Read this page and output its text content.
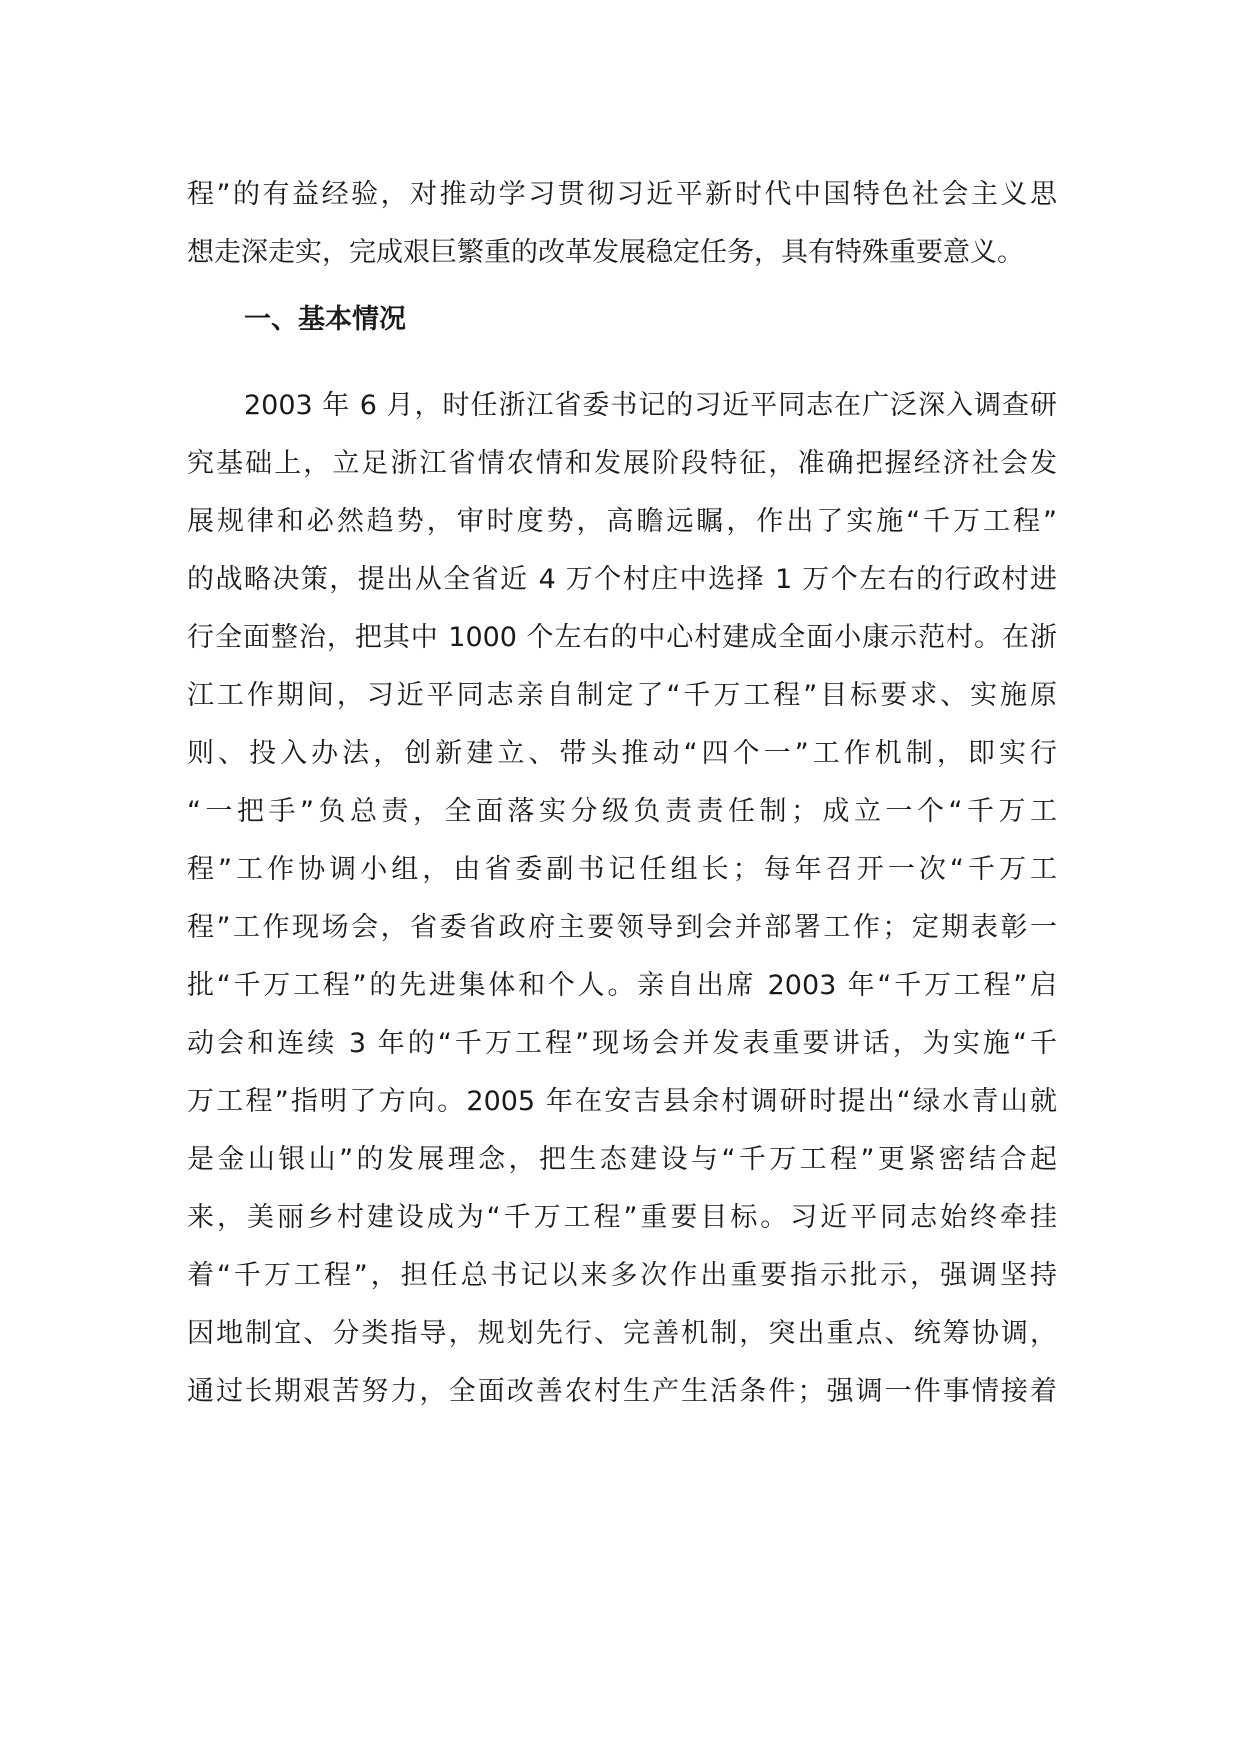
程”的有益经验，对推动学习贯彻习近平新时代中国特色社会主义思
想走深走实，完成艰巨繁重的改革发展稳定任务，具有特殊重要意义。
一、基本情况
2003 年 6 月，时任浙江省委书记的习近平同志在广泛深入调查研
究基础上，立足浙江省情农情和发展阶段特征，准确把握经济社会发
展规律和必然趋势，审时度势，高瞻远瞩，作出了实施“千万工程”
的战略决策，提出从全省近 4 万个村庄中选择 1 万个左右的行政村进
行全面整治，把其中 1000 个左右的中心村建成全面小康示范村。在浙
江工作期间，习近平同志亲自制定了“千万工程”目标要求、实施原
则、投入办法，创新建立、带头推动“四个一”工作机制，即实行
“一把手”负总责，全面落实分级负责责任制；成立一个“千万工
程”工作协调小组，由省委副书记任组长；每年召开一次“千万工
程”工作现场会，省委省政府主要领导到会并部署工作；定期表彰一
批“千万工程”的先进集体和个人。亲自出席 2003 年“千万工程”启
动会和连续 3 年的“千万工程”现场会并发表重要讲话，为实施“千
万工程”指明了方向。2005 年在安吉县余村调研时提出“绿水青山就
是金山银山”的发展理念，把生态建设与“千万工程”更紧密结合起
来，美丽乡村建设成为“千万工程”重要目标。习近平同志始终牵挂
着“千万工程”，担任总书记以来多次作出重要指示批示，强调坚持
因地制宜、分类指导，规划先行、完善机制，突出重点、统筹协调，
通过长期艰苦努力，全面改善农村生产生活条件；强调一件事情接着
